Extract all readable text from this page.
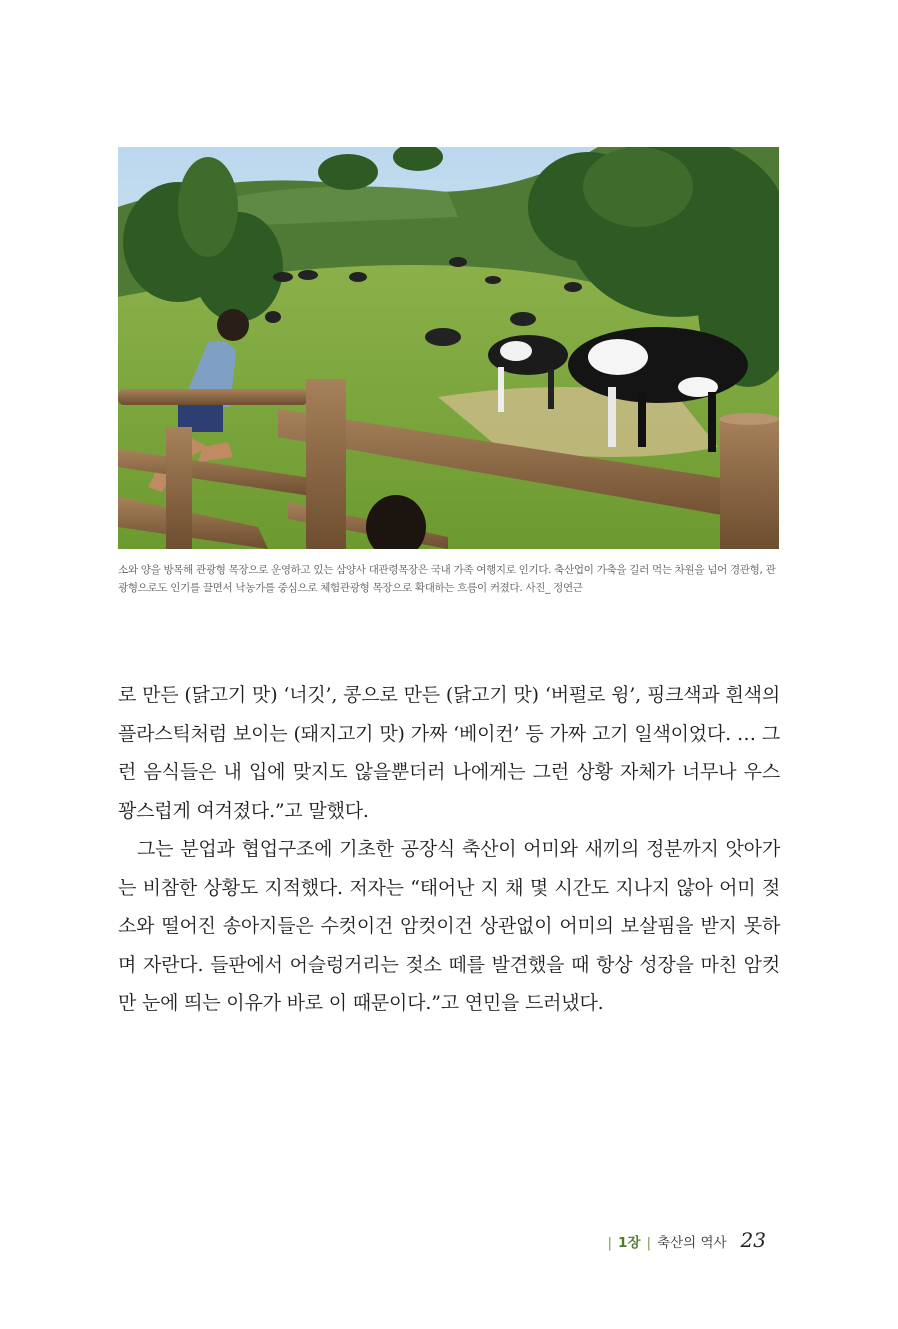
소와 양을 방목해 관광형 목장으로 운영하고 있는 삼양사 대관령목장은 국내 가족 여행지로 인기다. 축산업이 가축을 길러 먹는 차원을 넘어 경관형, 관광형으로도 인기를 끌면서 낙농가를 중심으로 체험관광형 목장으로 확대하는 흐름이 커졌다. 사진_ 정연근

로 만든 (닭고기 맛) ‘너깃’, 콩으로 만든 (닭고기 맛) ‘버펄로 윙’, 핑크색과 흰색의 플라스틱처럼 보이는 (돼지고기 맛) 가짜 ‘베이컨’ 등 가짜 고기 일색이었다. … 그런 음식들은 내 입에 맞지도 않을뿐더러 나에게는 그런 상황 자체가 너무나 우스꽝스럽게 여겨졌다.”고 말했다.

그는 분업과 협업구조에 기초한 공장식 축산이 어미와 새끼의 정분까지 앗아가는 비참한 상황도 지적했다. 저자는 “태어난 지 채 몇 시간도 지나지 않아 어미 젖소와 떨어진 송아지들은 수컷이건 암컷이건 상관없이 어미의 보살핌을 받지 못하며 자란다. 들판에서 어슬렁거리는 젖소 떼를 발견했을 때 항상 성장을 마친 암컷만 눈에 띄는 이유가 바로 이 때문이다.”고 연민을 드러냈다.

| 1장 | 축산의 역사 23
